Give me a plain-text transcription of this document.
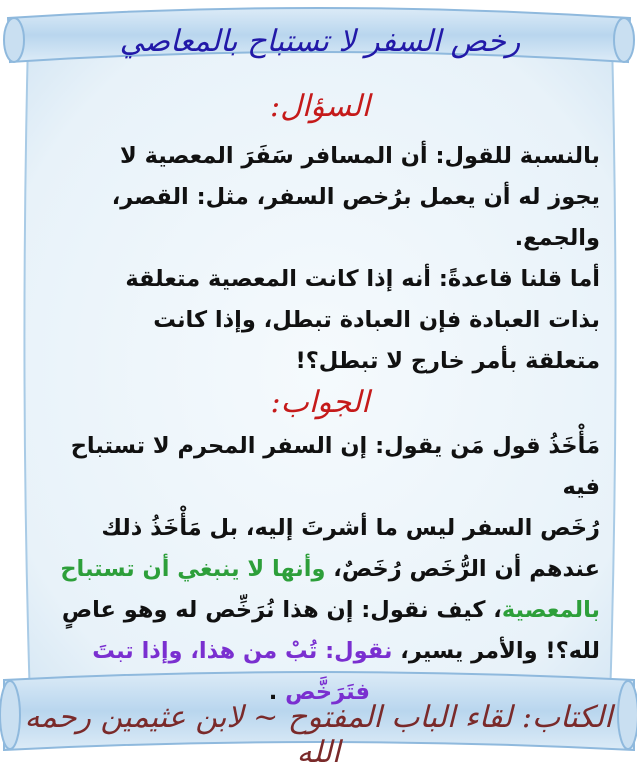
رخص السفر لا تستباح بالمعاصي
السؤال:
بالنسبة للقول: أن المسافر سَفَرَ المعصية لا
يجوز له أن يعمل برُخص السفر، مثل: القصر،
والجمع.
أما قلنا قاعدةً: أنه إذا كانت المعصية متعلقة
بذات العبادة فإن العبادة تبطل، وإذا كانت
متعلقة بأمر خارج لا تبطل؟!
الجواب:
مَأْخَذُ قول مَن يقول: إن السفر المحرم لا تستباح فيه
رُخَص السفر ليس ما أشرتَ إليه، بل مَأْخَذُ ذلك
عندهم أن الرُّخَص رُخَصٌ، وأنها لا ينبغي أن تستباح
بالمعصية، كيف نقول: إن هذا نُرَخِّص له وهو عاصٍ
لله؟! والأمر يسير، نقول: تُبْ من هذا، وإذا تبتَ
فتَرَخَّص .
الكتاب: لقاء الباب المفتوح ~ لابن عثيمين رحمه الله
